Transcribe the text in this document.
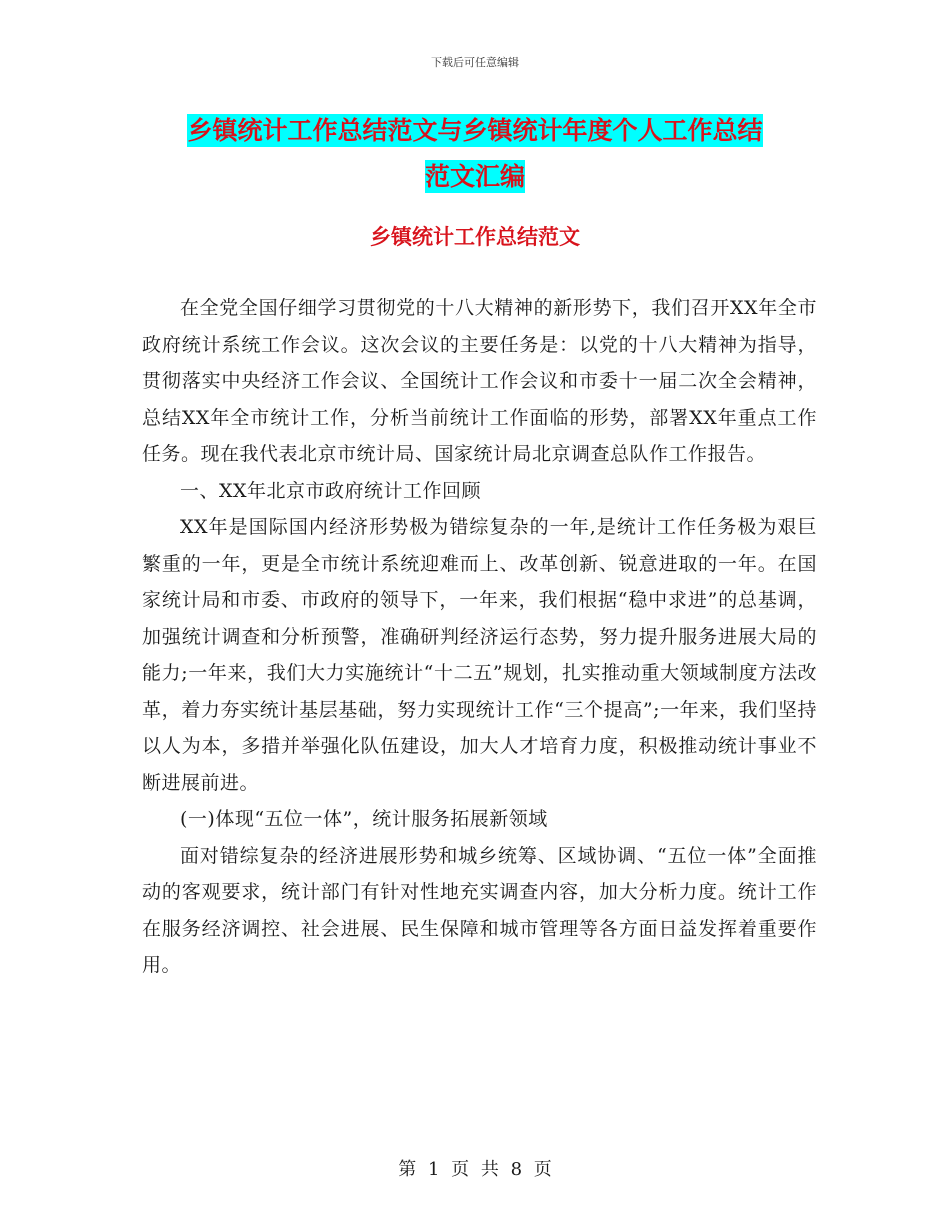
下载后可任意编辑
乡镇统计工作总结范文与乡镇统计年度个人工作总结
范文汇编
乡镇统计工作总结范文

在全党全国仔细学习贯彻党的十八大精神的新形势下，我们召开XX年全市政府统计系统工作会议。这次会议的主要任务是：以党的十八大精神为指导，贯彻落实中央经济工作会议、全国统计工作会议和市委十一届二次全会精神，总结XX年全市统计工作，分析当前统计工作面临的形势，部署XX年重点工作任务。现在我代表北京市统计局、国家统计局北京调查总队作工作报告。

一、XX年北京市政府统计工作回顾

XX年是国际国内经济形势极为错综复杂的一年,是统计工作任务极为艰巨繁重的一年，更是全市统计系统迎难而上、改革创新、锐意进取的一年。在国家统计局和市委、市政府的领导下，一年来，我们根据“稳中求进”的总基调，加强统计调查和分析预警，准确研判经济运行态势，努力提升服务进展大局的能力;一年来，我们大力实施统计“十二五”规划，扎实推动重大领域制度方法改革，着力夯实统计基层基础，努力实现统计工作“三个提高”;一年来，我们坚持以人为本，多措并举强化队伍建设，加大人才培育力度，积极推动统计事业不断进展前进。

(一)体现“五位一体”，统计服务拓展新领域

面对错综复杂的经济进展形势和城乡统筹、区域协调、“五位一体”全面推动的客观要求，统计部门有针对性地充实调查内容，加大分析力度。统计工作在服务经济调控、社会进展、民生保障和城市管理等各方面日益发挥着重要作用。

第 1 页 共 8 页
